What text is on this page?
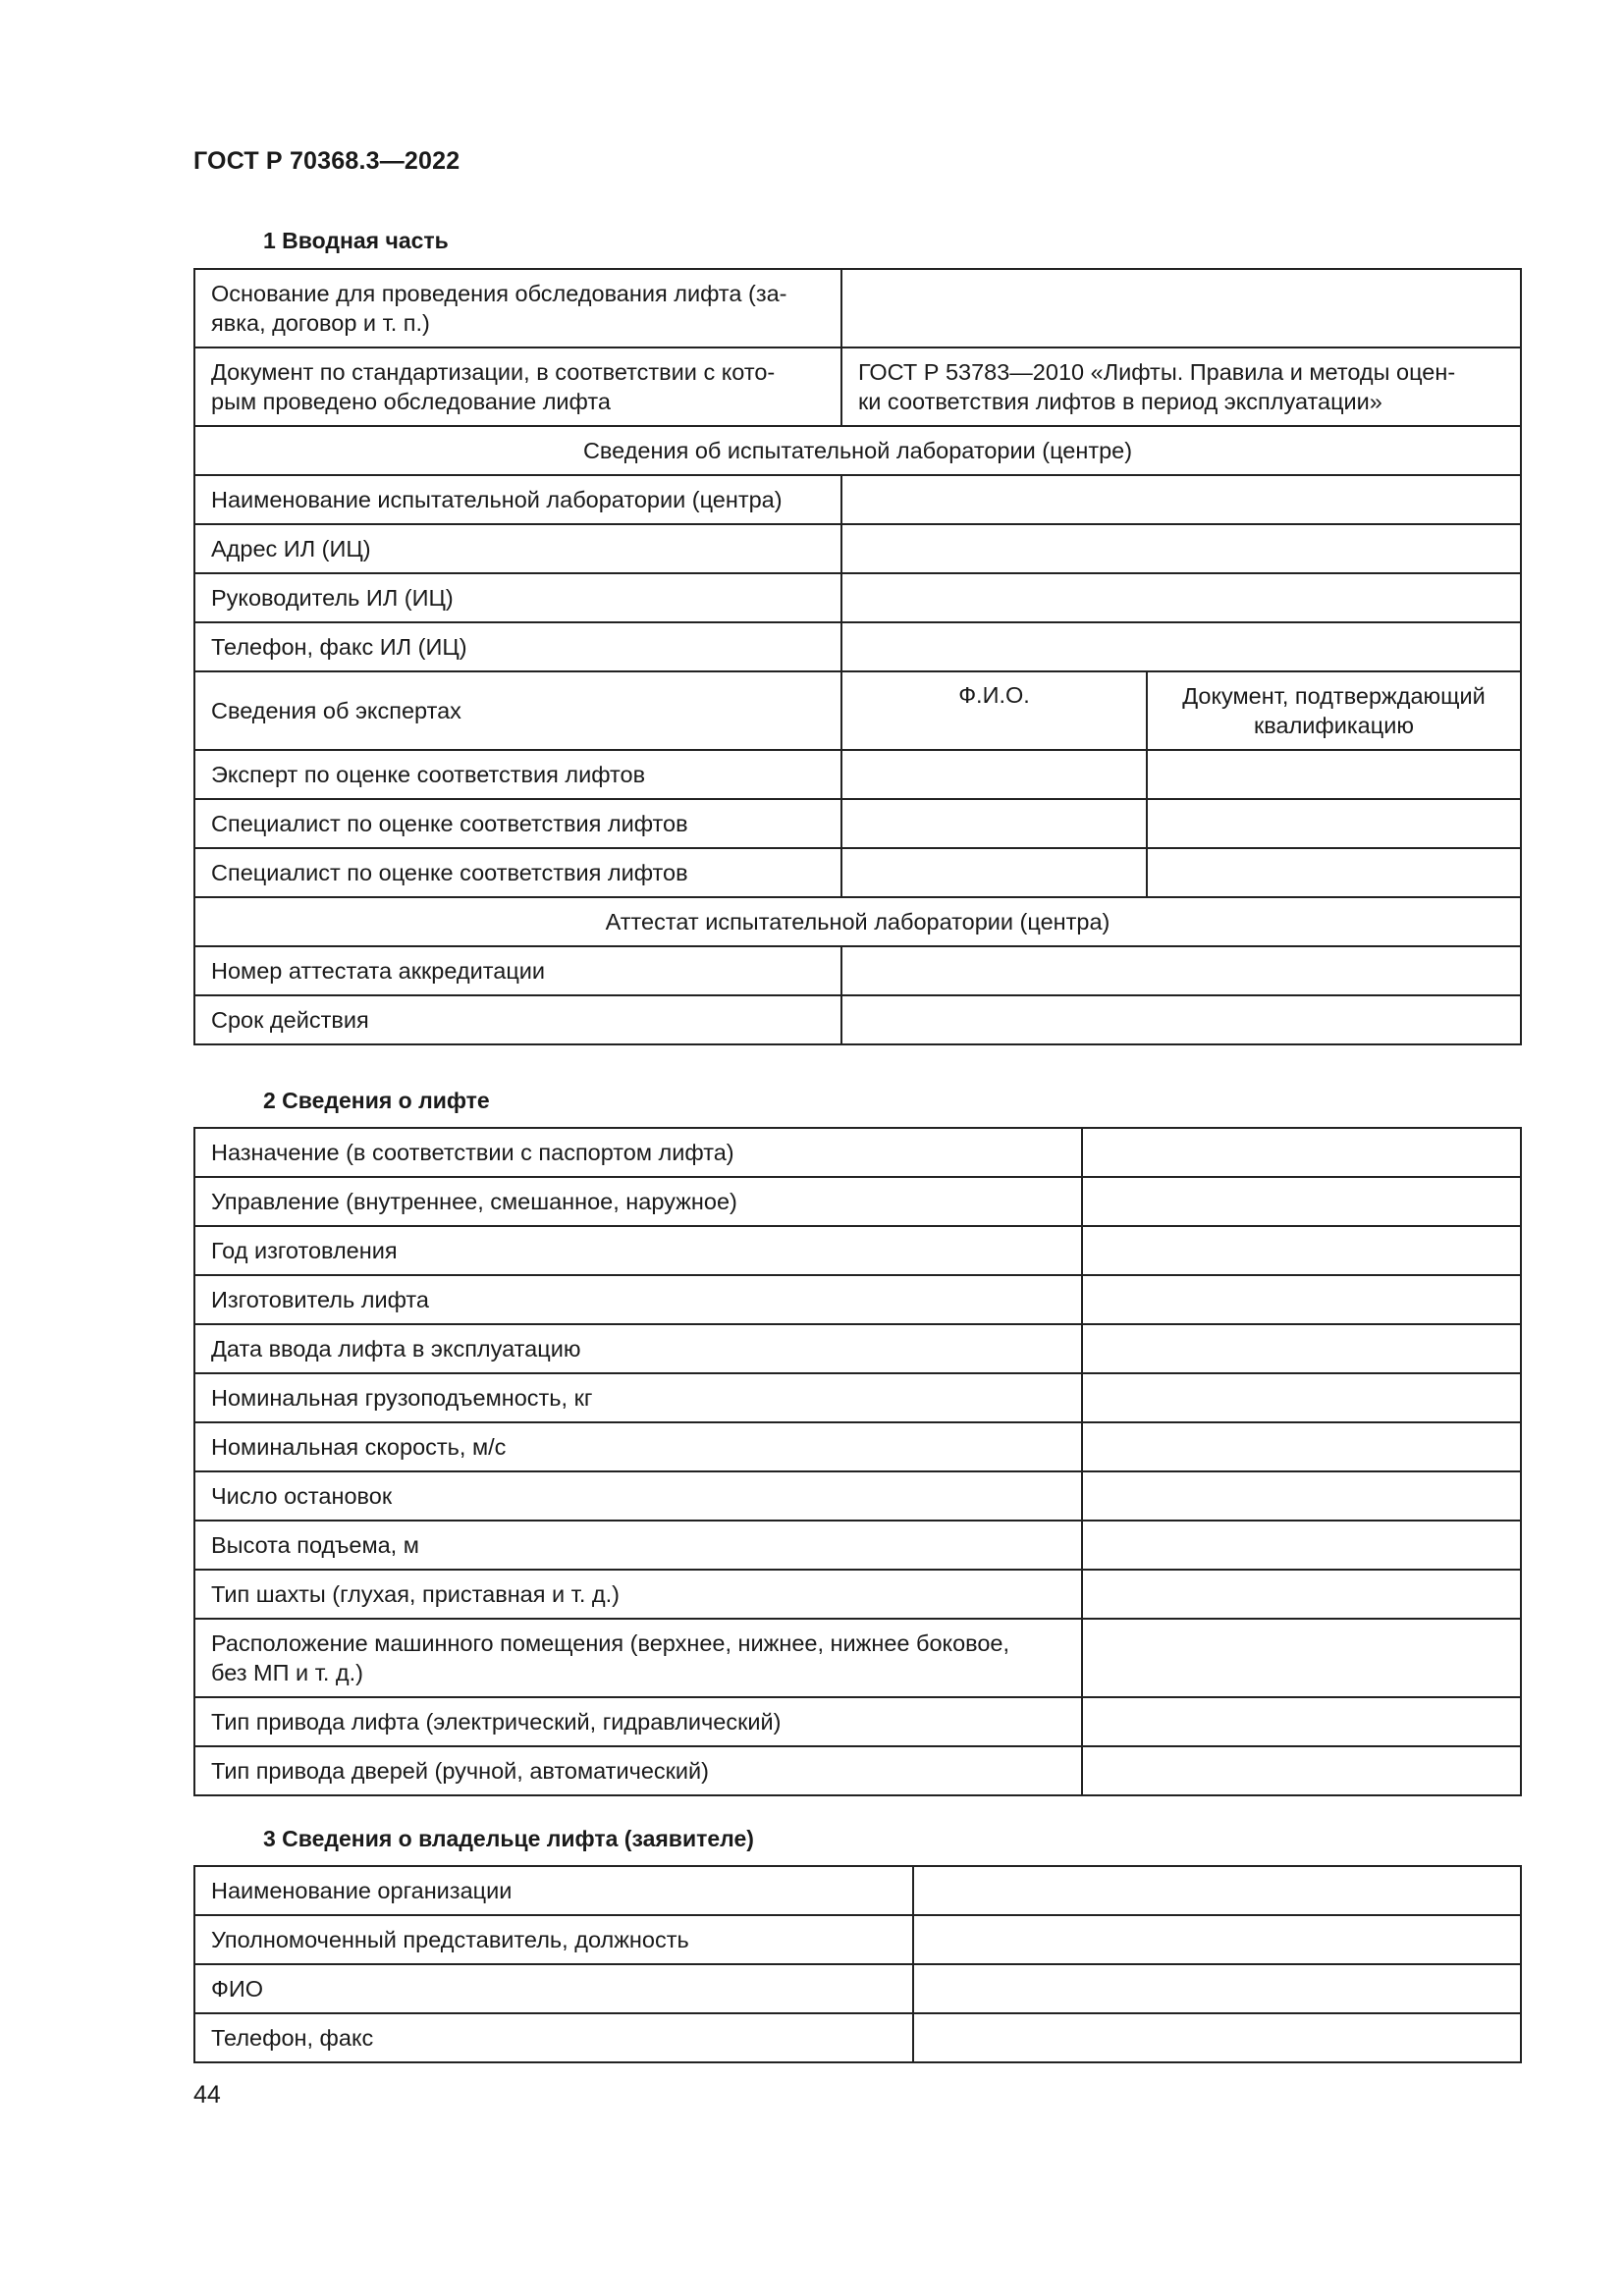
ГОСТ Р 70368.3—2022
1 Вводная часть
Основание для проведения обследования лифта (за-
явка, договор и т. п.)		
Документ по стандартизации, в соответствии с кото-
рым проведено обследование лифта	ГОСТ Р 53783—2010 «Лифты. Правила и методы оцен-
ки соответствия лифтов в период эксплуатации»	
Сведения об испытательной лаборатории (центре)		
Наименование испытательной лаборатории (центра)		
Адрес ИЛ (ИЦ)		
Руководитель ИЛ (ИЦ)		
Телефон, факс ИЛ (ИЦ)		
Сведения об экспертах	Ф.И.О.	Документ, подтверждающий квалификацию
Эксперт по оценке соответствия лифтов		
Специалист по оценке соответствия лифтов		
Специалист по оценке соответствия лифтов		
Аттестат испытательной лаборатории (центра)		
Номер аттестата аккредитации		
Срок действия		
2 Сведения о лифте
Назначение (в соответствии с паспортом лифта)	
Управление (внутреннее, смешанное, наружное)	
Год изготовления	
Изготовитель лифта	
Дата ввода лифта в эксплуатацию	
Номинальная грузоподъемность, кг	
Номинальная скорость, м/с	
Число остановок	
Высота подъема, м	
Тип шахты (глухая, приставная и т. д.)	
Расположение машинного помещения (верхнее, нижнее, нижнее боковое,
без МП и т. д.)	
Тип привода лифта (электрический, гидравлический)	
Тип привода дверей (ручной, автоматический)	
3 Сведения о владельце лифта (заявителе)
Наименование организации	
Уполномоченный представитель, должность	
ФИО	
Телефон, факс	
44
